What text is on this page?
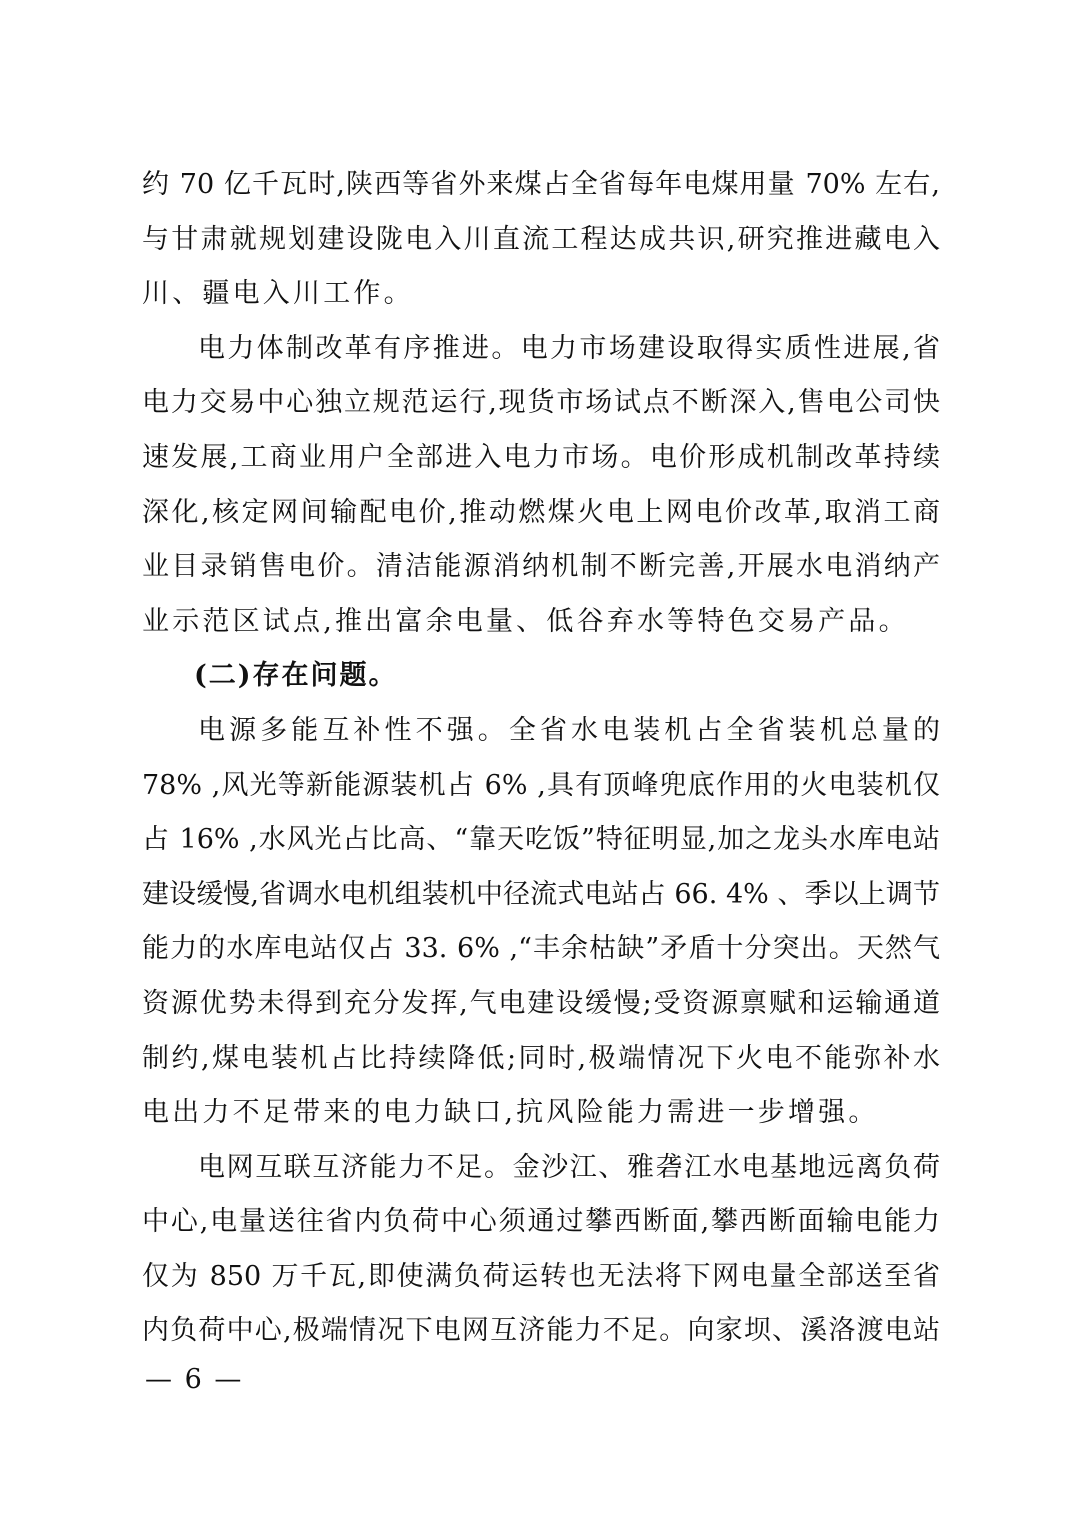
约 70 亿千瓦时,陕西等省外来煤占全省每年电煤用量 70% 左右,
与甘肃就规划建设陇电入川直流工程达成共识,研究推进藏电入
川、疆电入川工作。
电力体制改革有序推进。电力市场建设取得实质性进展,省
电力交易中心独立规范运行,现货市场试点不断深入,售电公司快
速发展,工商业用户全部进入电力市场。电价形成机制改革持续
深化,核定网间输配电价,推动燃煤火电上网电价改革,取消工商
业目录销售电价。清洁能源消纳机制不断完善,开展水电消纳产
业示范区试点,推出富余电量、低谷弃水等特色交易产品。
(二)存在问题。
电源多能互补性不强。全省水电装机占全省装机总量的
78% ,风光等新能源装机占 6% ,具有顶峰兜底作用的火电装机仅
占 16% ,水风光占比高、“靠天吃饭”特征明显,加之龙头水库电站
建设缓慢,省调水电机组装机中径流式电站占 66. 4% 、季以上调节
能力的水库电站仅占 33. 6% ,“丰余枯缺”矛盾十分突出。天然气
资源优势未得到充分发挥,气电建设缓慢;受资源禀赋和运输通道
制约,煤电装机占比持续降低;同时,极端情况下火电不能弥补水
电出力不足带来的电力缺口,抗风险能力需进一步增强。
电网互联互济能力不足。金沙江、雅砻江水电基地远离负荷
中心,电量送往省内负荷中心须通过攀西断面,攀西断面输电能力
仅为 850 万千瓦,即使满负荷运转也无法将下网电量全部送至省
内负荷中心,极端情况下电网互济能力不足。向家坝、溪洛渡电站
— 6 —
